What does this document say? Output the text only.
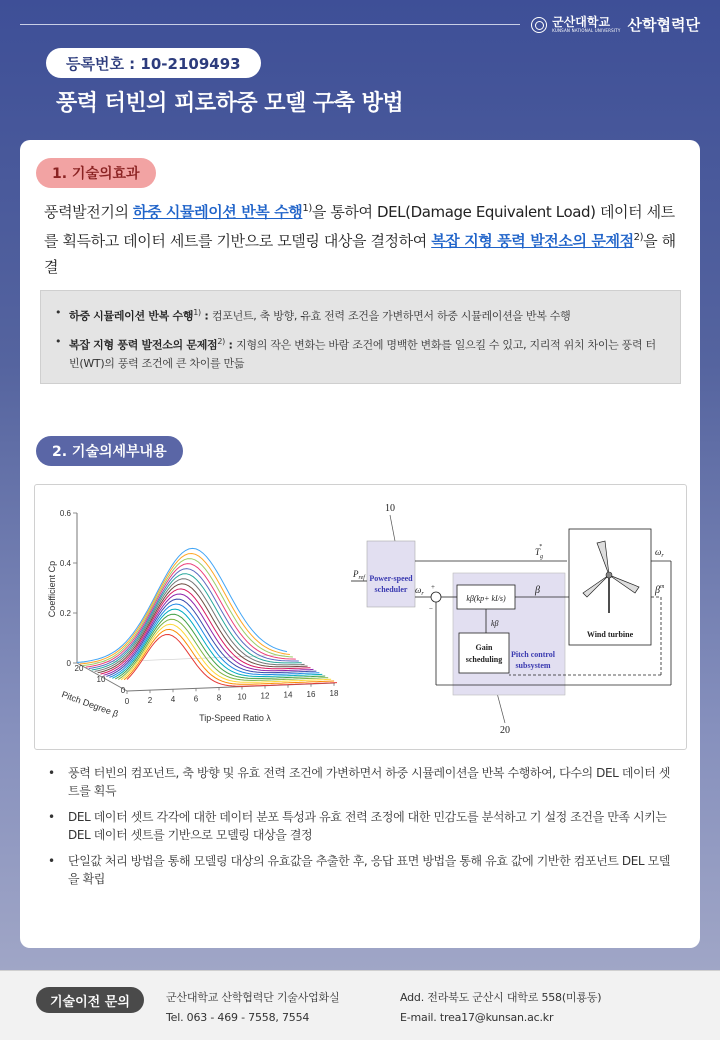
군산대학교
KUNSAN NATIONAL UNIVERSITY 산학협력단
등록번호 : 10-2109493
풍력 터빈의 피로하중 모델 구축 방법
1. 기술의효과
풍력발전기의 하중 시뮬레이션 반복 수행$^{1)}$을 통하여 DEL(Damage Equivalent Load) 데이터 세트를 획득하고 데이터 세트를 기반으로 모델링 대상을 결정하여 복잡 지형 풍력 발전소의 문제점$^{2)}$을 해결
• 하중 시뮬레이션 반복 수행$^{1)}$ : 컴포넌트, 축 방향, 유효 전력 조건을 가변하면서 하중 시뮬레이션을 반복 수행
• 복잡 지형 풍력 발전소의 문제점$^{2)}$ : 지형의 작은 변화는 바람 조건에 명백한 변화를 일으킬 수 있고, 지리적 위치 차이는 풍력 터빈(WT)의 풍력 조건에 큰 차이를 만듦
2. 기술의세부내용
0
0.2
0.4
0.6
0 2 4 6 8 10 12 14 16 18
20
10
0
Coefficient Cp
Tip-Speed Ratio λ
Pitch Degree β
10
20
Power-speed
scheduler
$P_{ref}$
Pitch control
subsystem
$T_g*$
$\omega_r$
+
−
kβ(kp+ kI/s)
β
kβ
Gain
scheduling
Wind turbine
$\omega_r$
$\beta^m$
• 풍력 터빈의 컴포넌트, 축 방향 및 유효 전력 조건에 가변하면서 하중 시뮬레이션을 반복 수행하여, 다수의 DEL 데이터 셋트를 획득
• DEL 데이터 셋트 각각에 대한 데이터 분포 특성과 유효 전력 조정에 대한 민감도를 분석하고 기 설정 조건을 만족 시키는 DEL 데이터 셋트를 기반으로 모델링 대상을 결정
• 단일값 처리 방법을 통해 모델링 대상의 유효값을 추출한 후, 응답 표면 방법을 통해 유효 값에 기반한 컴포넌트 DEL 모델을 확립
기술이전 문의	군산대학교 산학협력단 기술사업화실
Tel. 063 - 469 - 7558, 7554
Add. 전라북도 군산시 대학로 558(미룡동)
E-mail. trea17@kunsan.ac.kr
